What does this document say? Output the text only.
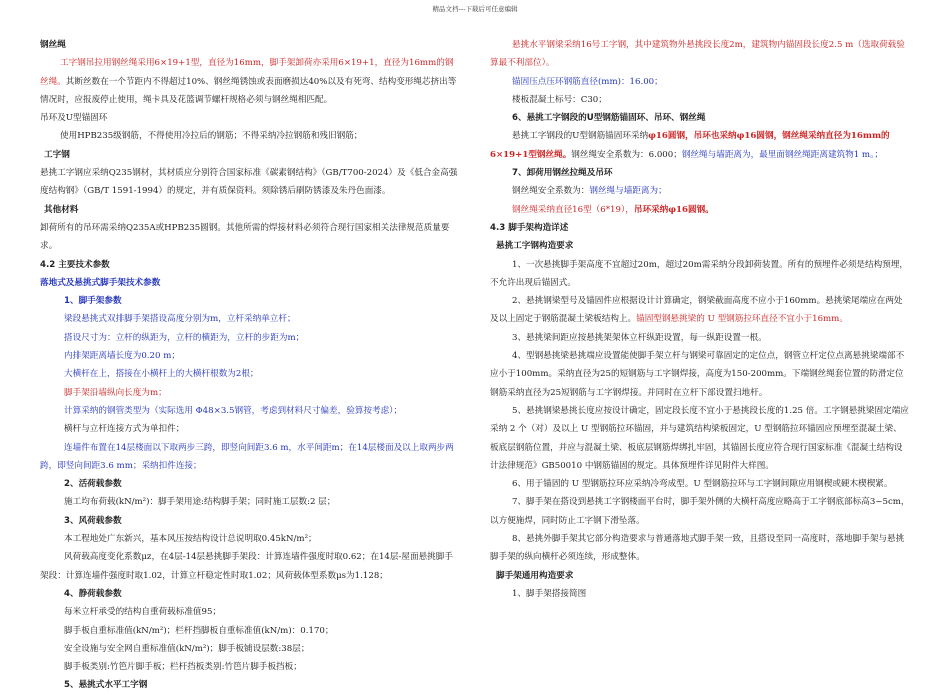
精品文档---下载后可任意编辑

钢丝绳

工字钢吊拉用钢丝绳采用6×19+1型，直径为16mm，脚手架卸荷亦采用6×19+1，直径为16mm的钢丝绳。其断丝数在一个节距内不得超过10%、钢丝绳锈蚀或表面磨损达40%以及有死弯、结构变形绳芯挤出等情况时，应报废停止使用，绳卡具及花篮调节螺杆规格必须与钢丝绳相匹配。

吊环及U型锚固环

使用HPB235级钢筋，不得使用冷拉后的钢筋；不得采纳冷拉钢筋和残旧钢筋；

工字钢

悬挑工字钢应采纳Q235钢材，其材质应分别符合国家标准《碳素钢结构》（GB/T700-2024）及《低合金高强度结构钢》（GB/T 1591-1994）的规定，并有质保资料。须除锈后刷防锈漆及朱丹色面漆。

其他材料

卸荷所有的吊环需采纳Q235A或HPB235圆钢。其他所需的焊接材料必须符合现行国家相关法律规范质量要求。

4.2 主要技术参数

落地式及悬挑式脚手架技术参数

1、脚手架参数

梁段悬挑式双排脚手架搭设高度分别为m，立杆采纳单立杆；

搭设尺寸为：立杆的纵距为，立杆的横距为，立杆的步距为m；

内排架距离墙长度为0.20 m；

大横杆在上，搭接在小横杆上的大横杆根数为2根；

脚手架沿墙纵向长度为m；

计算采纳的钢管类型为（实际选用 Φ48×3.5钢管，考虑到材料尺寸偏差，验算按考虑）；

横杆与立杆连接方式为单扣件；

连墙件布置在14层楼面以下取两步三跨，即竖向间距3.6 m，水平间距m；在14层楼面及以上取两步两跨，即竖向间距3.6 mm；采纳扣件连接；

2、活荷载参数

施工均布荷载(kN/m²)：脚手架用途:结构脚手架；同时施工层数:2 层；

3、风荷载参数

本工程地处广东新兴，基本风压按结构设计总说明取0.45kN/m²；

风荷载高度变化系数μz，在4层-14层悬挑脚手架段：计算连墙件强度时取0.62；在14层-屋面悬挑脚手架段：计算连墙件强度时取1.02，计算立杆稳定性时取1.02；风荷载体型系数μs为1.128；

4、静荷载参数

每米立杆承受的结构自重荷载标准值95；

脚手板自重标准值(kN/m²)；栏杆挡脚板自重标准值(kN/m)：0.170；

安全设施与安全网自重标准值(kN/m²)；脚手板铺设层数:38层；

脚手板类别:竹笆片脚手板；栏杆挡板类别:竹笆片脚手板挡板；

5、悬挑式水平工字钢

悬挑水平钢梁采纳16号工字钢，其中建筑物外悬挑段长度2m，建筑物内锚固段长度2.5 m（选取荷载验算最不利部位）。

锚固压点压环钢筋直径(mm)：16.00；

楼板混凝土标号：C30；

6、悬挑工字钢段的U型钢筋锚固环、吊环、钢丝绳

悬挑工字钢段的U型钢筋锚固环采纳φ16圆钢，吊环也采纳φ16圆钢，钢丝绳采纳直径为16mm的6×19+1型钢丝绳。钢丝绳安全系数为：6.000；钢丝绳与墙距离为，最里面钢丝绳距离建筑物1 m。；

7、卸荷用钢丝拉绳及吊环

钢丝绳安全系数为：钢丝绳与墙距离为；

钢丝绳采纳直径16型（6*19），吊环采纳φ16圆钢。

4.3 脚手架构造详述

悬挑工字钢构造要求

1、一次悬挑脚手架高度不宜超过20m，超过20m需采纳分段卸荷装置。所有的预埋件必须是结构预埋，不允许出现后锚固式。

2、悬挑钢梁型号及锚固件应根据设计计算确定，钢梁截面高度不应小于160mm。悬挑梁尾端应在两处及以上固定于钢筋混凝土梁板结构上。锚固型钢悬挑梁的 U 型钢筋拉环直径不宜小于16mm。

3、悬挑梁间距应按悬挑架架体立杆纵距设置，每一纵距设置一根。

4、型钢悬挑梁悬挑端应设置能使脚手架立杆与钢梁可靠固定的定位点，钢管立杆定位点离悬挑梁端部不应小于100mm。采纳直径为25的短钢筋与工字钢焊接，高度为150-200mm。下端钢丝绳套位置的防滑定位钢筋采纳直径为25短钢筋与工字钢焊接。并同时在立杆下部设置扫地杆。

5、悬挑钢梁悬挑长度应按设计确定，固定段长度不宜小于悬挑段长度的1.25 倍。工字钢悬挑梁固定端应采纳 2 个（对）及以上 U 型钢筋拉环锚固，并与建筑结构梁板固定，U 型钢筋拉环锚固应预埋至混凝土梁、板底层钢筋位置，并应与混凝土梁、板底层钢筋焊绑扎牢固，其锚固长度应符合现行国家标准《混凝土结构设计法律规范》GB50010 中钢筋锚固的规定。具体预埋件详见附件大样图。

6、用于锚固的 U 型钢筋拉环应采纳冷弯成型。U 型钢筋拉环与工字钢间隙应用钢楔或硬木楔楔紧。

7、脚手架在搭设到悬挑工字钢楼面平台时，脚手架外侧的大横杆高度应略高于工字钢底部标高3~5cm，以方便施焊，同时防止工字钢下滑坠落。

8、悬挑外脚手架其它部分构造要求与普通落地式脚手架一致，且搭设至同一高度时，落地脚手架与悬挑脚手架的纵向横杆必须连续，形成整体。

脚手架通用构造要求

1、脚手架搭接简图
